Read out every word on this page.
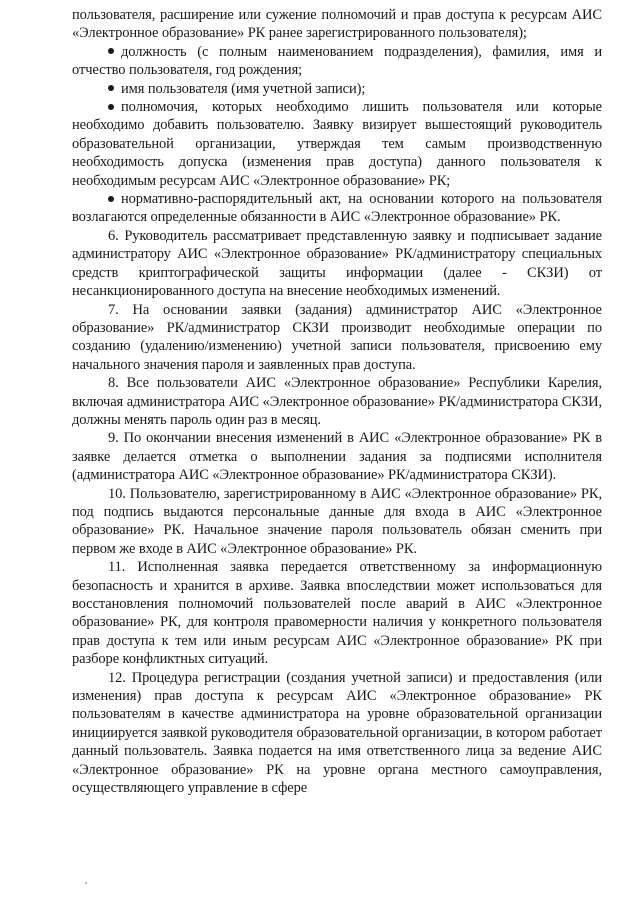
пользователя, расширение или сужение полномочий и прав доступа к ресурсам АИС «Электронное образование» РК ранее зарегистрированного пользователя);

должность (с полным наименованием подразделения), фамилия, имя и отчество пользователя, год рождения;

имя пользователя (имя учетной записи);

полномочия, которых необходимо лишить пользователя или которые необходимо добавить пользователю. Заявку визирует вышестоящий руководитель образовательной организации, утверждая тем самым производственную необходимость допуска (изменения прав доступа) данного пользователя к необходимым ресурсам АИС «Электронное образование» РК;

нормативно-распорядительный акт, на основании которого на пользователя возлагаются определенные обязанности в АИС «Электронное образование» РК.

6. Руководитель рассматривает представленную заявку и подписывает задание администратору АИС «Электронное образование» РК/администратору специальных средств криптографической защиты информации (далее - СКЗИ) от несанкционированного доступа на внесение необходимых изменений.

7. На основании заявки (задания) администратор АИС «Электронное образование» РК/администратор СКЗИ производит необходимые операции по созданию (удалению/изменению) учетной записи пользователя, присвоению ему начального значения пароля и заявленных прав доступа.

8. Все пользователи АИС «Электронное образование» Республики Карелия, включая администратора АИС «Электронное образование» РК/администратора СКЗИ, должны менять пароль один раз в месяц.

9. По окончании внесения изменений в АИС «Электронное образование» РК в заявке делается отметка о выполнении задания за подписями исполнителя (администратора АИС «Электронное образование» РК/администратора СКЗИ).

10. Пользователю, зарегистрированному в АИС «Электронное образование» РК, под подпись выдаются персональные данные для входа в АИС «Электронное образование» РК. Начальное значение пароля пользователь обязан сменить при первом же входе в АИС «Электронное образование» РК.

11. Исполненная заявка передается ответственному за информационную безопасность и хранится в архиве. Заявка впоследствии может использоваться для восстановления полномочий пользователей после аварий в АИС «Электронное образование» РК, для контроля правомерности наличия у конкретного пользователя прав доступа к тем или иным ресурсам АИС «Электронное образование» РК при разборе конфликтных ситуаций.

12. Процедура регистрации (создания учетной записи) и предоставления (или изменения) прав доступа к ресурсам АИС «Электронное образование» РК пользователям в качестве администратора на уровне образовательной организации инициируется заявкой руководителя образовательной организации, в котором работает данный пользователь. Заявка подается на имя ответственного лица за ведение АИС «Электронное образование» РК на уровне органа местного самоуправления, осуществляющего управление в сфере
